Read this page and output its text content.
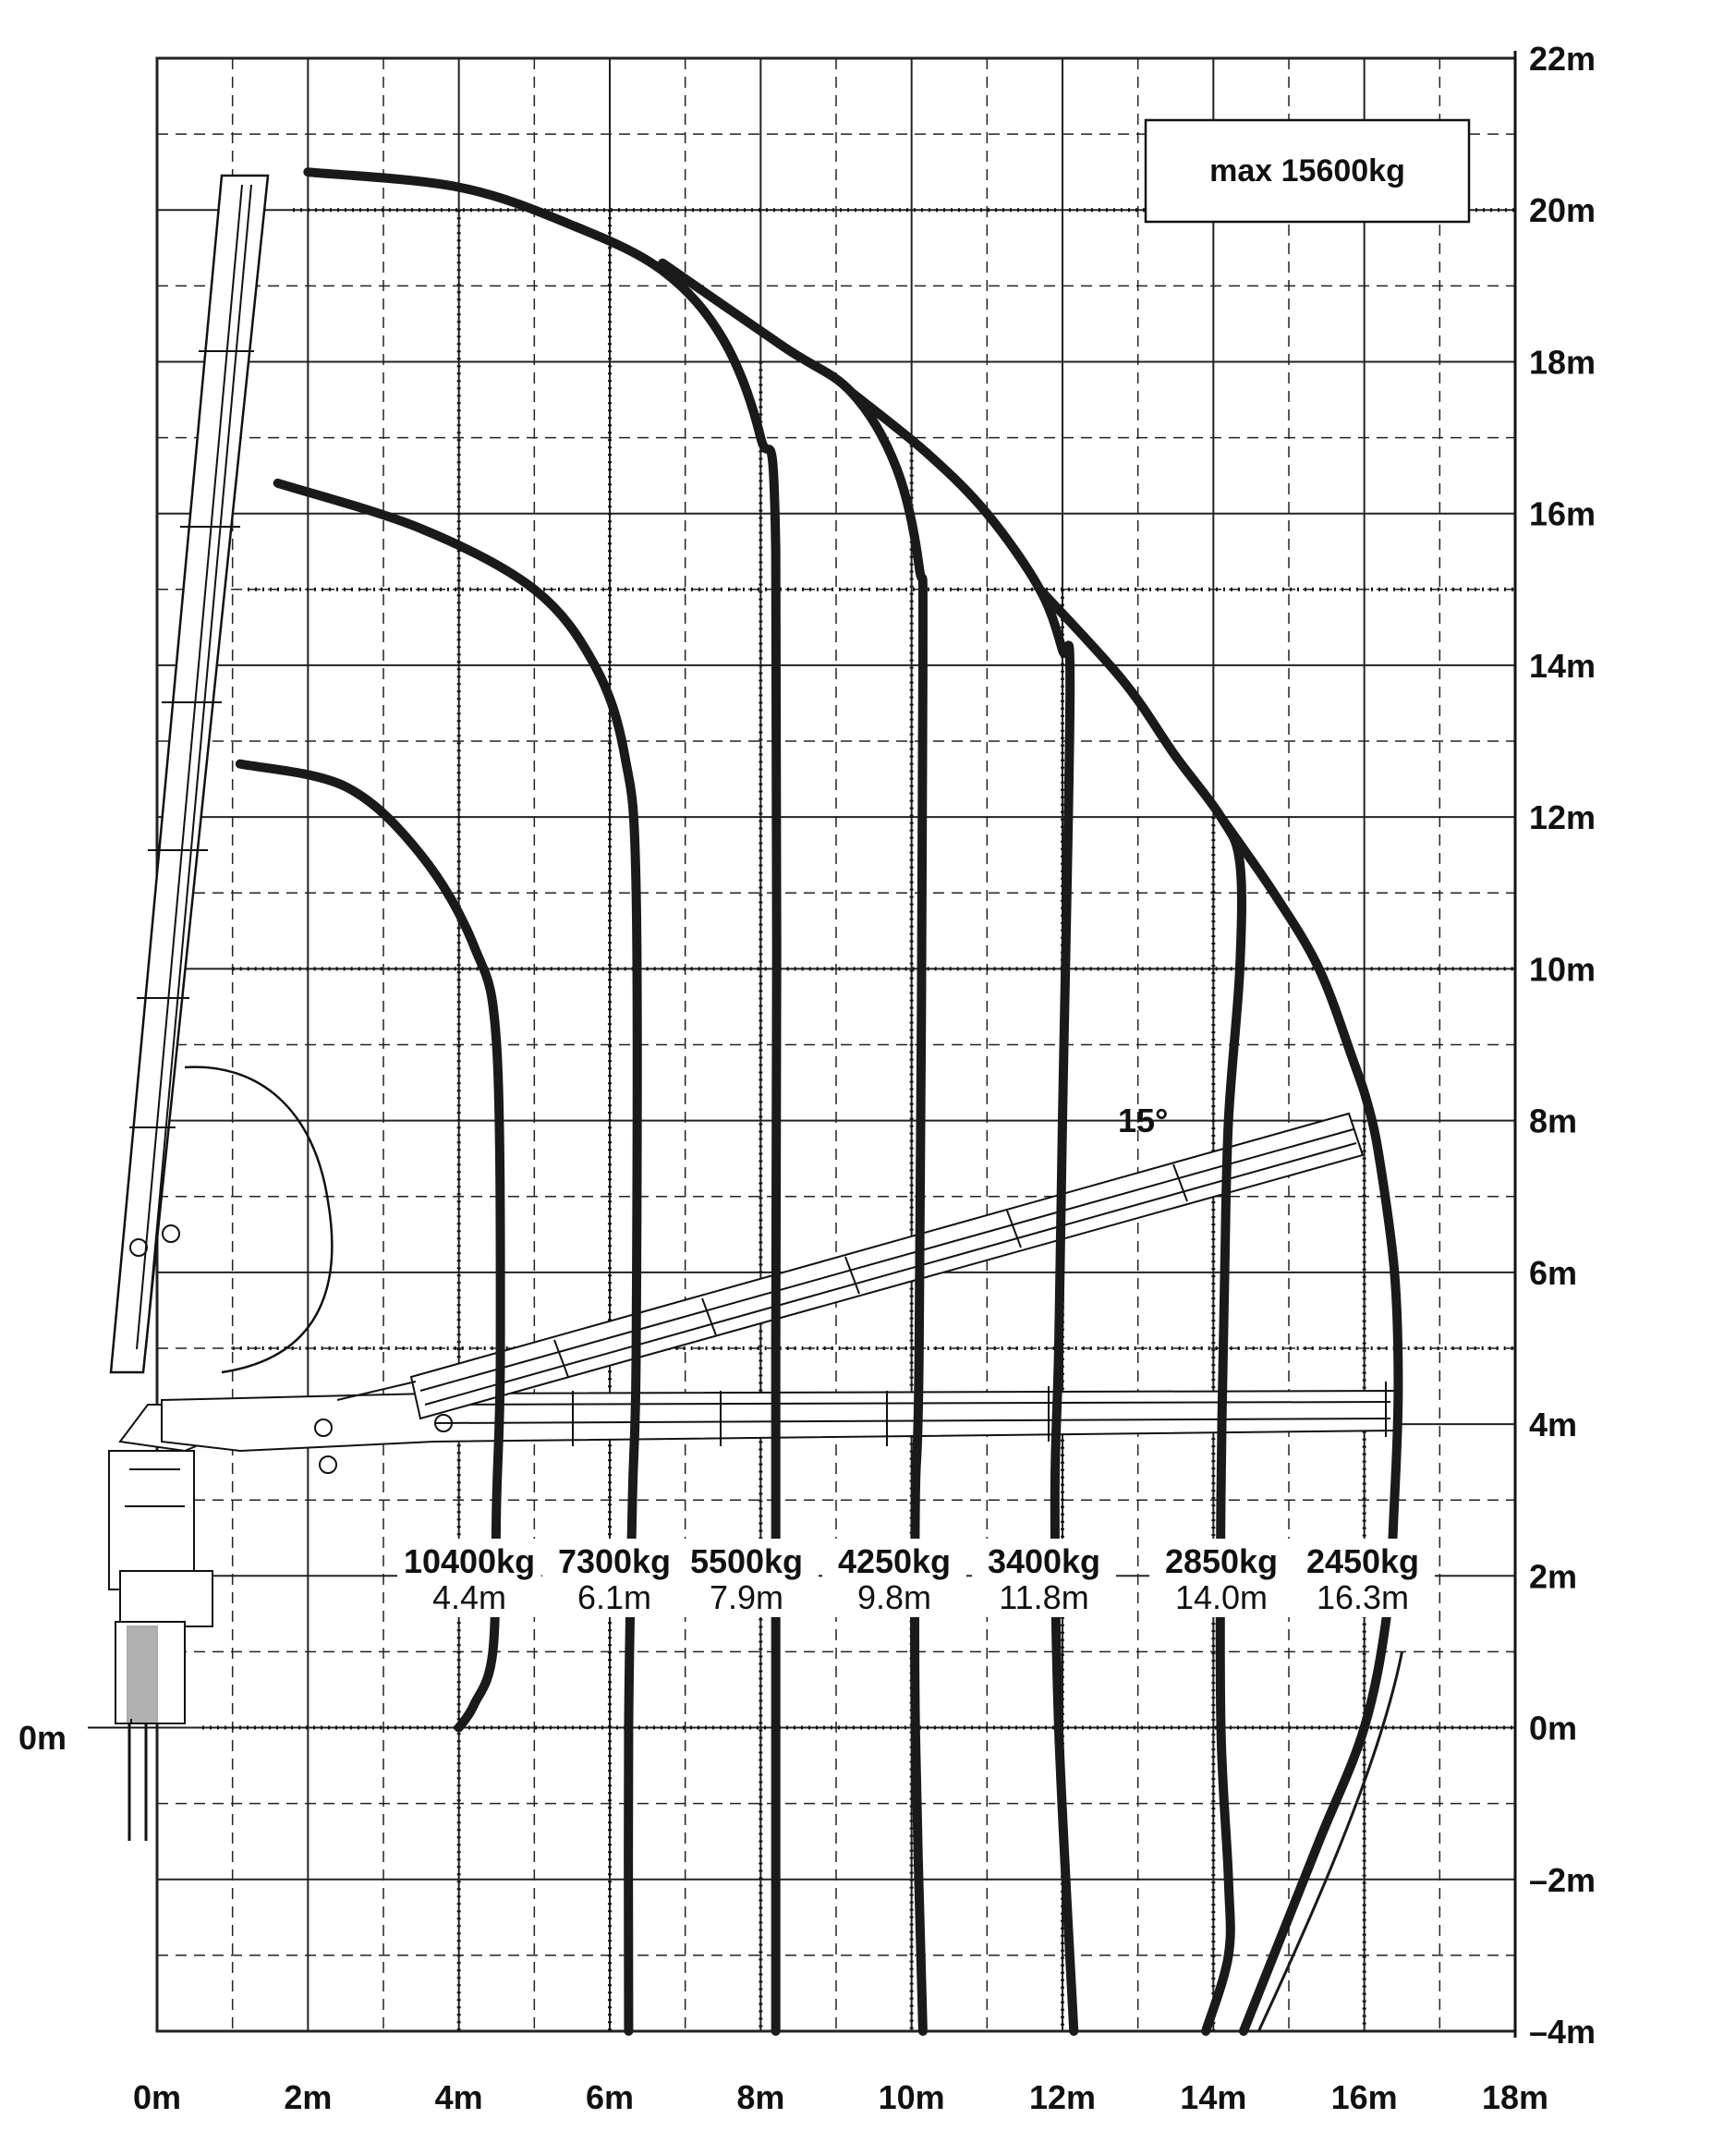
max 15600kg
15°
0m	2m	4m	6m	8m	10m	12m	14m	16m	18m
22m
20m
18m
16m
14m
12m
10m
8m
6m
4m
2m
0m
–2m
–4m
0m
10400kg
4.4m
7300kg
6.1m
5500kg
7.9m
4250kg
9.8m
3400kg
11.8m
2850kg
14.0m
2450kg
16.3m
